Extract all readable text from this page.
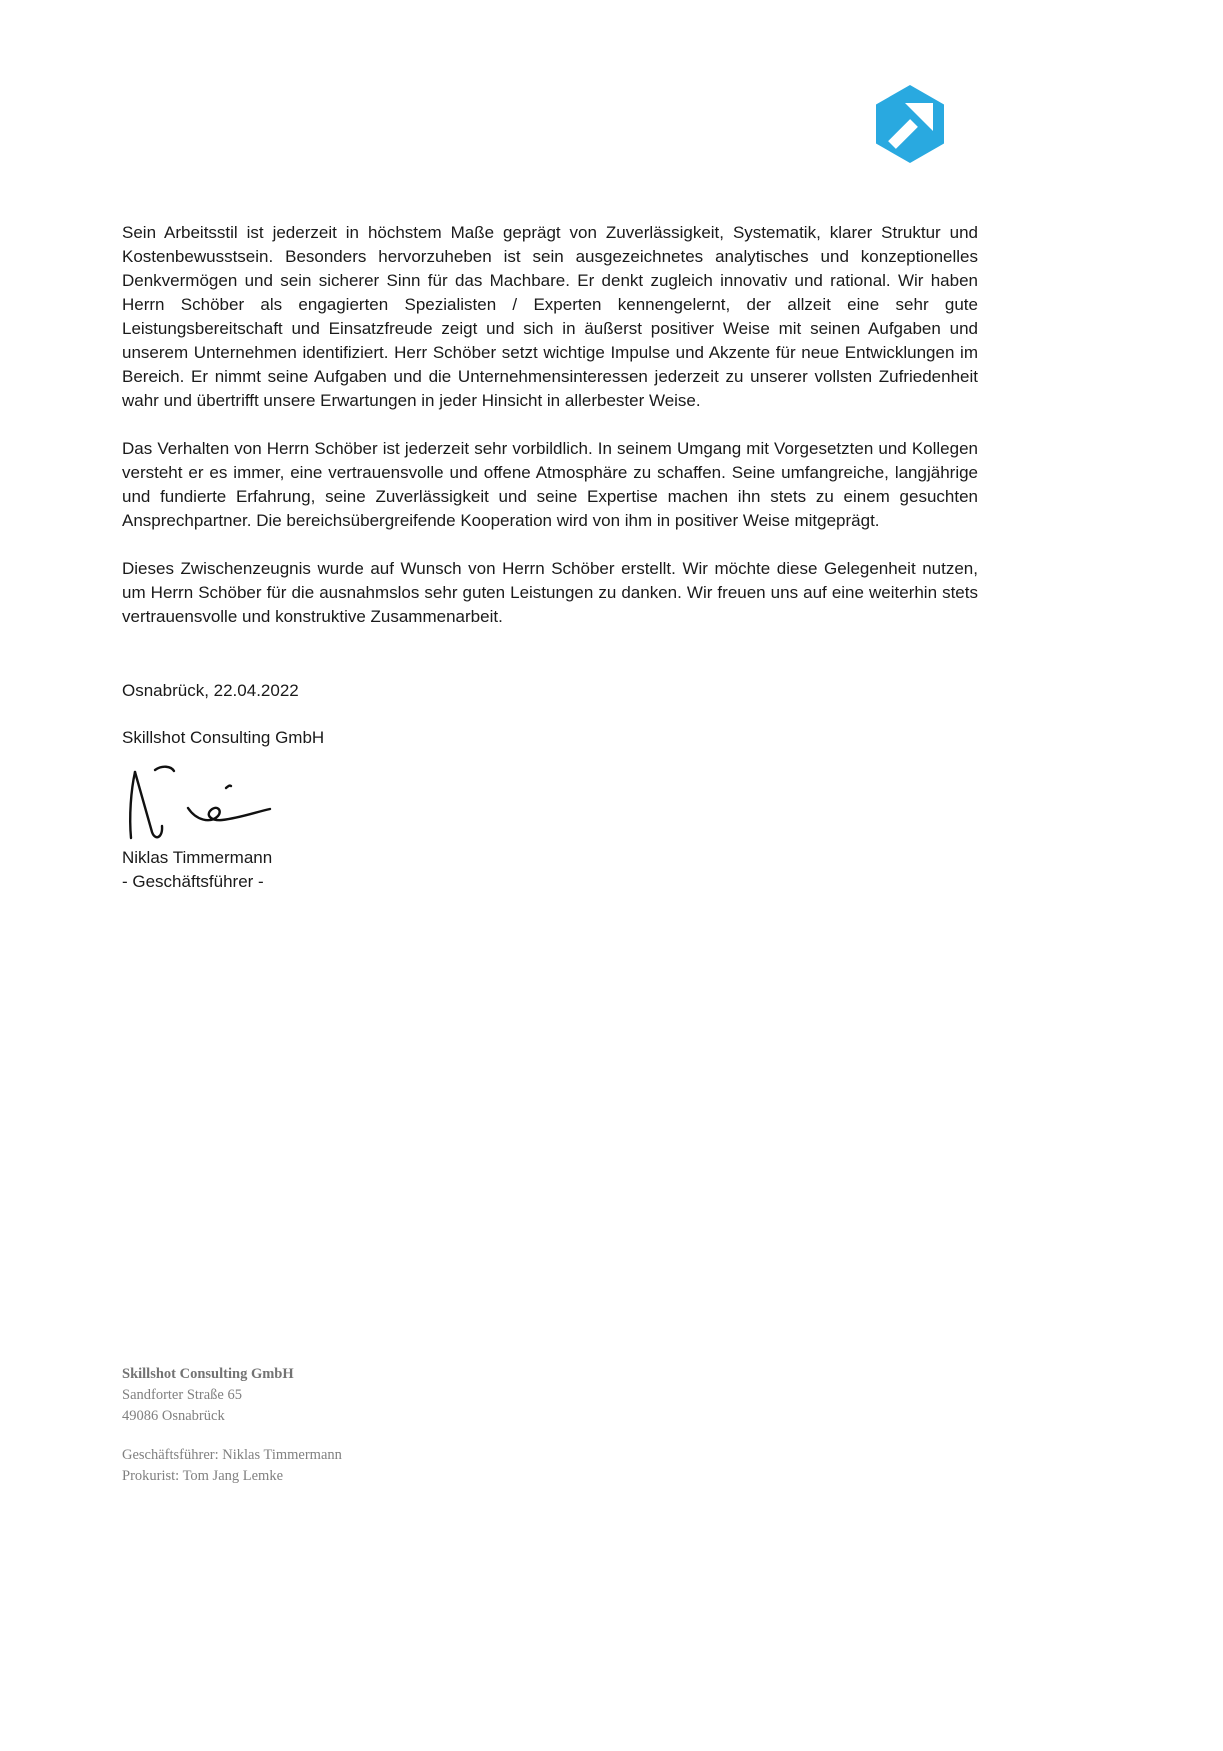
Sein Arbeitsstil ist jederzeit in höchstem Maße geprägt von Zuverlässigkeit, Systematik, klarer Struktur und Kostenbewusstsein. Besonders hervorzuheben ist sein ausgezeichnetes analytisches und konzeptionelles Denkvermögen und sein sicherer Sinn für das Machbare. Er denkt zugleich innovativ und rational. Wir haben Herrn Schöber als engagierten Spezialisten / Experten kennengelernt, der allzeit eine sehr gute Leistungsbereitschaft und Einsatzfreude zeigt und sich in äußerst positiver Weise mit seinen Aufgaben und unserem Unternehmen identifiziert. Herr Schöber setzt wichtige Impulse und Akzente für neue Entwicklungen im Bereich. Er nimmt seine Aufgaben und die Unternehmensinteressen jederzeit zu unserer vollsten Zufriedenheit wahr und übertrifft unsere Erwartungen in jeder Hinsicht in allerbester Weise.

Das Verhalten von Herrn Schöber ist jederzeit sehr vorbildlich. In seinem Umgang mit Vorgesetzten und Kollegen versteht er es immer, eine vertrauensvolle und offene Atmosphäre zu schaffen. Seine umfangreiche, langjährige und fundierte Erfahrung, seine Zuverlässigkeit und seine Expertise machen ihn stets zu einem gesuchten Ansprechpartner. Die bereichsübergreifende Kooperation wird von ihm in positiver Weise mitgeprägt.

Dieses Zwischenzeugnis wurde auf Wunsch von Herrn Schöber erstellt. Wir möchte diese Gelegenheit nutzen, um Herrn Schöber für die ausnahmslos sehr guten Leistungen zu danken. Wir freuen uns auf eine weiterhin stets vertrauensvolle und konstruktive Zusammenarbeit.

Osnabrück, 22.04.2022

Skillshot Consulting GmbH

Niklas Timmermann

- Geschäftsführer -

Skillshot Consulting GmbH

Sandforter Straße 65

49086 Osnabrück

Geschäftsführer: Niklas Timmermann

Prokurist: Tom Jang Lemke
